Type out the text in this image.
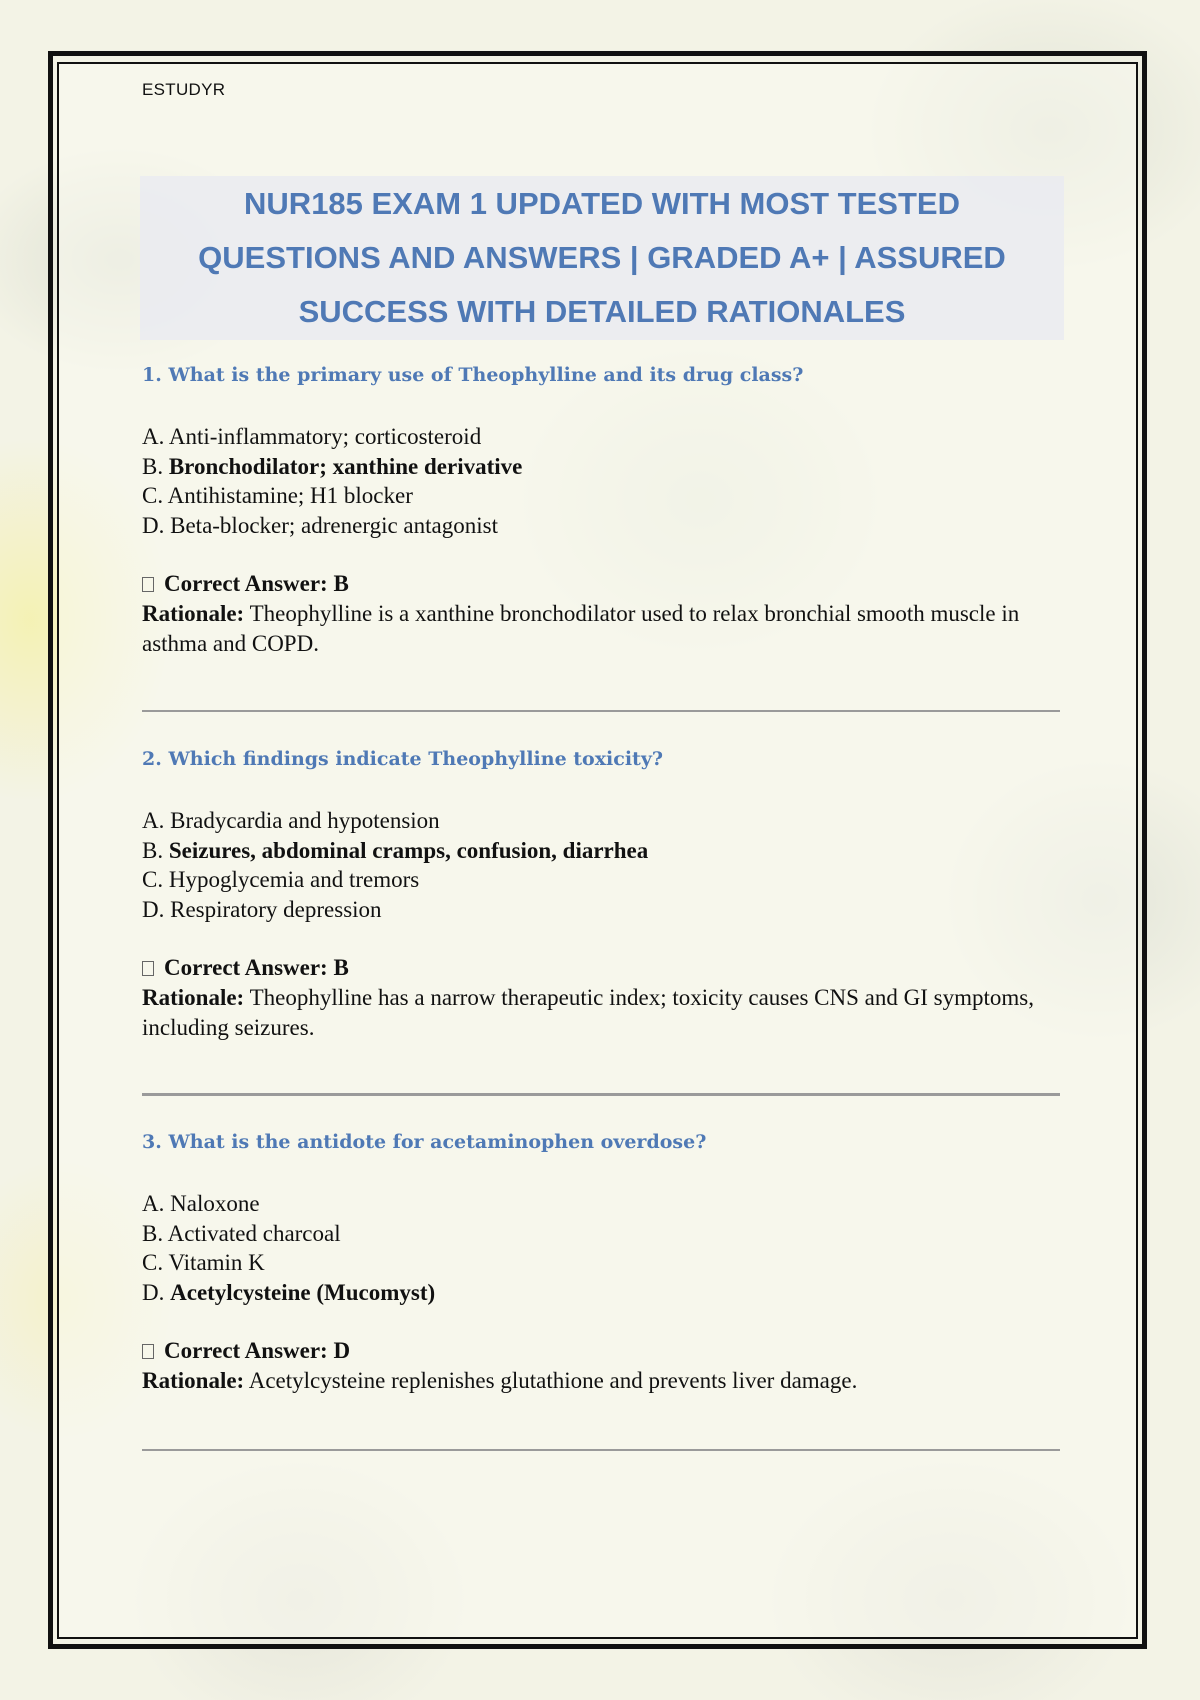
ESTUDYR
NUR185 EXAM 1 UPDATED WITH MOST TESTED QUESTIONS AND ANSWERS | GRADED A+ | ASSURED SUCCESS WITH DETAILED RATIONALES

1. What is the primary use of Theophylline and its drug class?

A. Anti-inflammatory; corticosteroid
B. Bronchodilator; xanthine derivative
C. Antihistamine; H1 blocker
D. Beta-blocker; adrenergic antagonist
Correct Answer:
B
Rationale: Theophylline is a xanthine bronchodilator used to relax bronchial smooth muscle in asthma and COPD.

2. Which findings indicate Theophylline toxicity?

A. Bradycardia and hypotension
B. Seizures, abdominal cramps, confusion, diarrhea
C. Hypoglycemia and tremors
D. Respiratory depression
Correct Answer:
B
Rationale: Theophylline has a narrow therapeutic index; toxicity causes CNS and GI symptoms, including seizures.

3. What is the antidote for acetaminophen overdose?

A. Naloxone
B. Activated charcoal
C. Vitamin K
D. Acetylcysteine (Mucomyst)
Correct Answer:
D
Rationale: Acetylcysteine replenishes glutathione and prevents liver damage.
